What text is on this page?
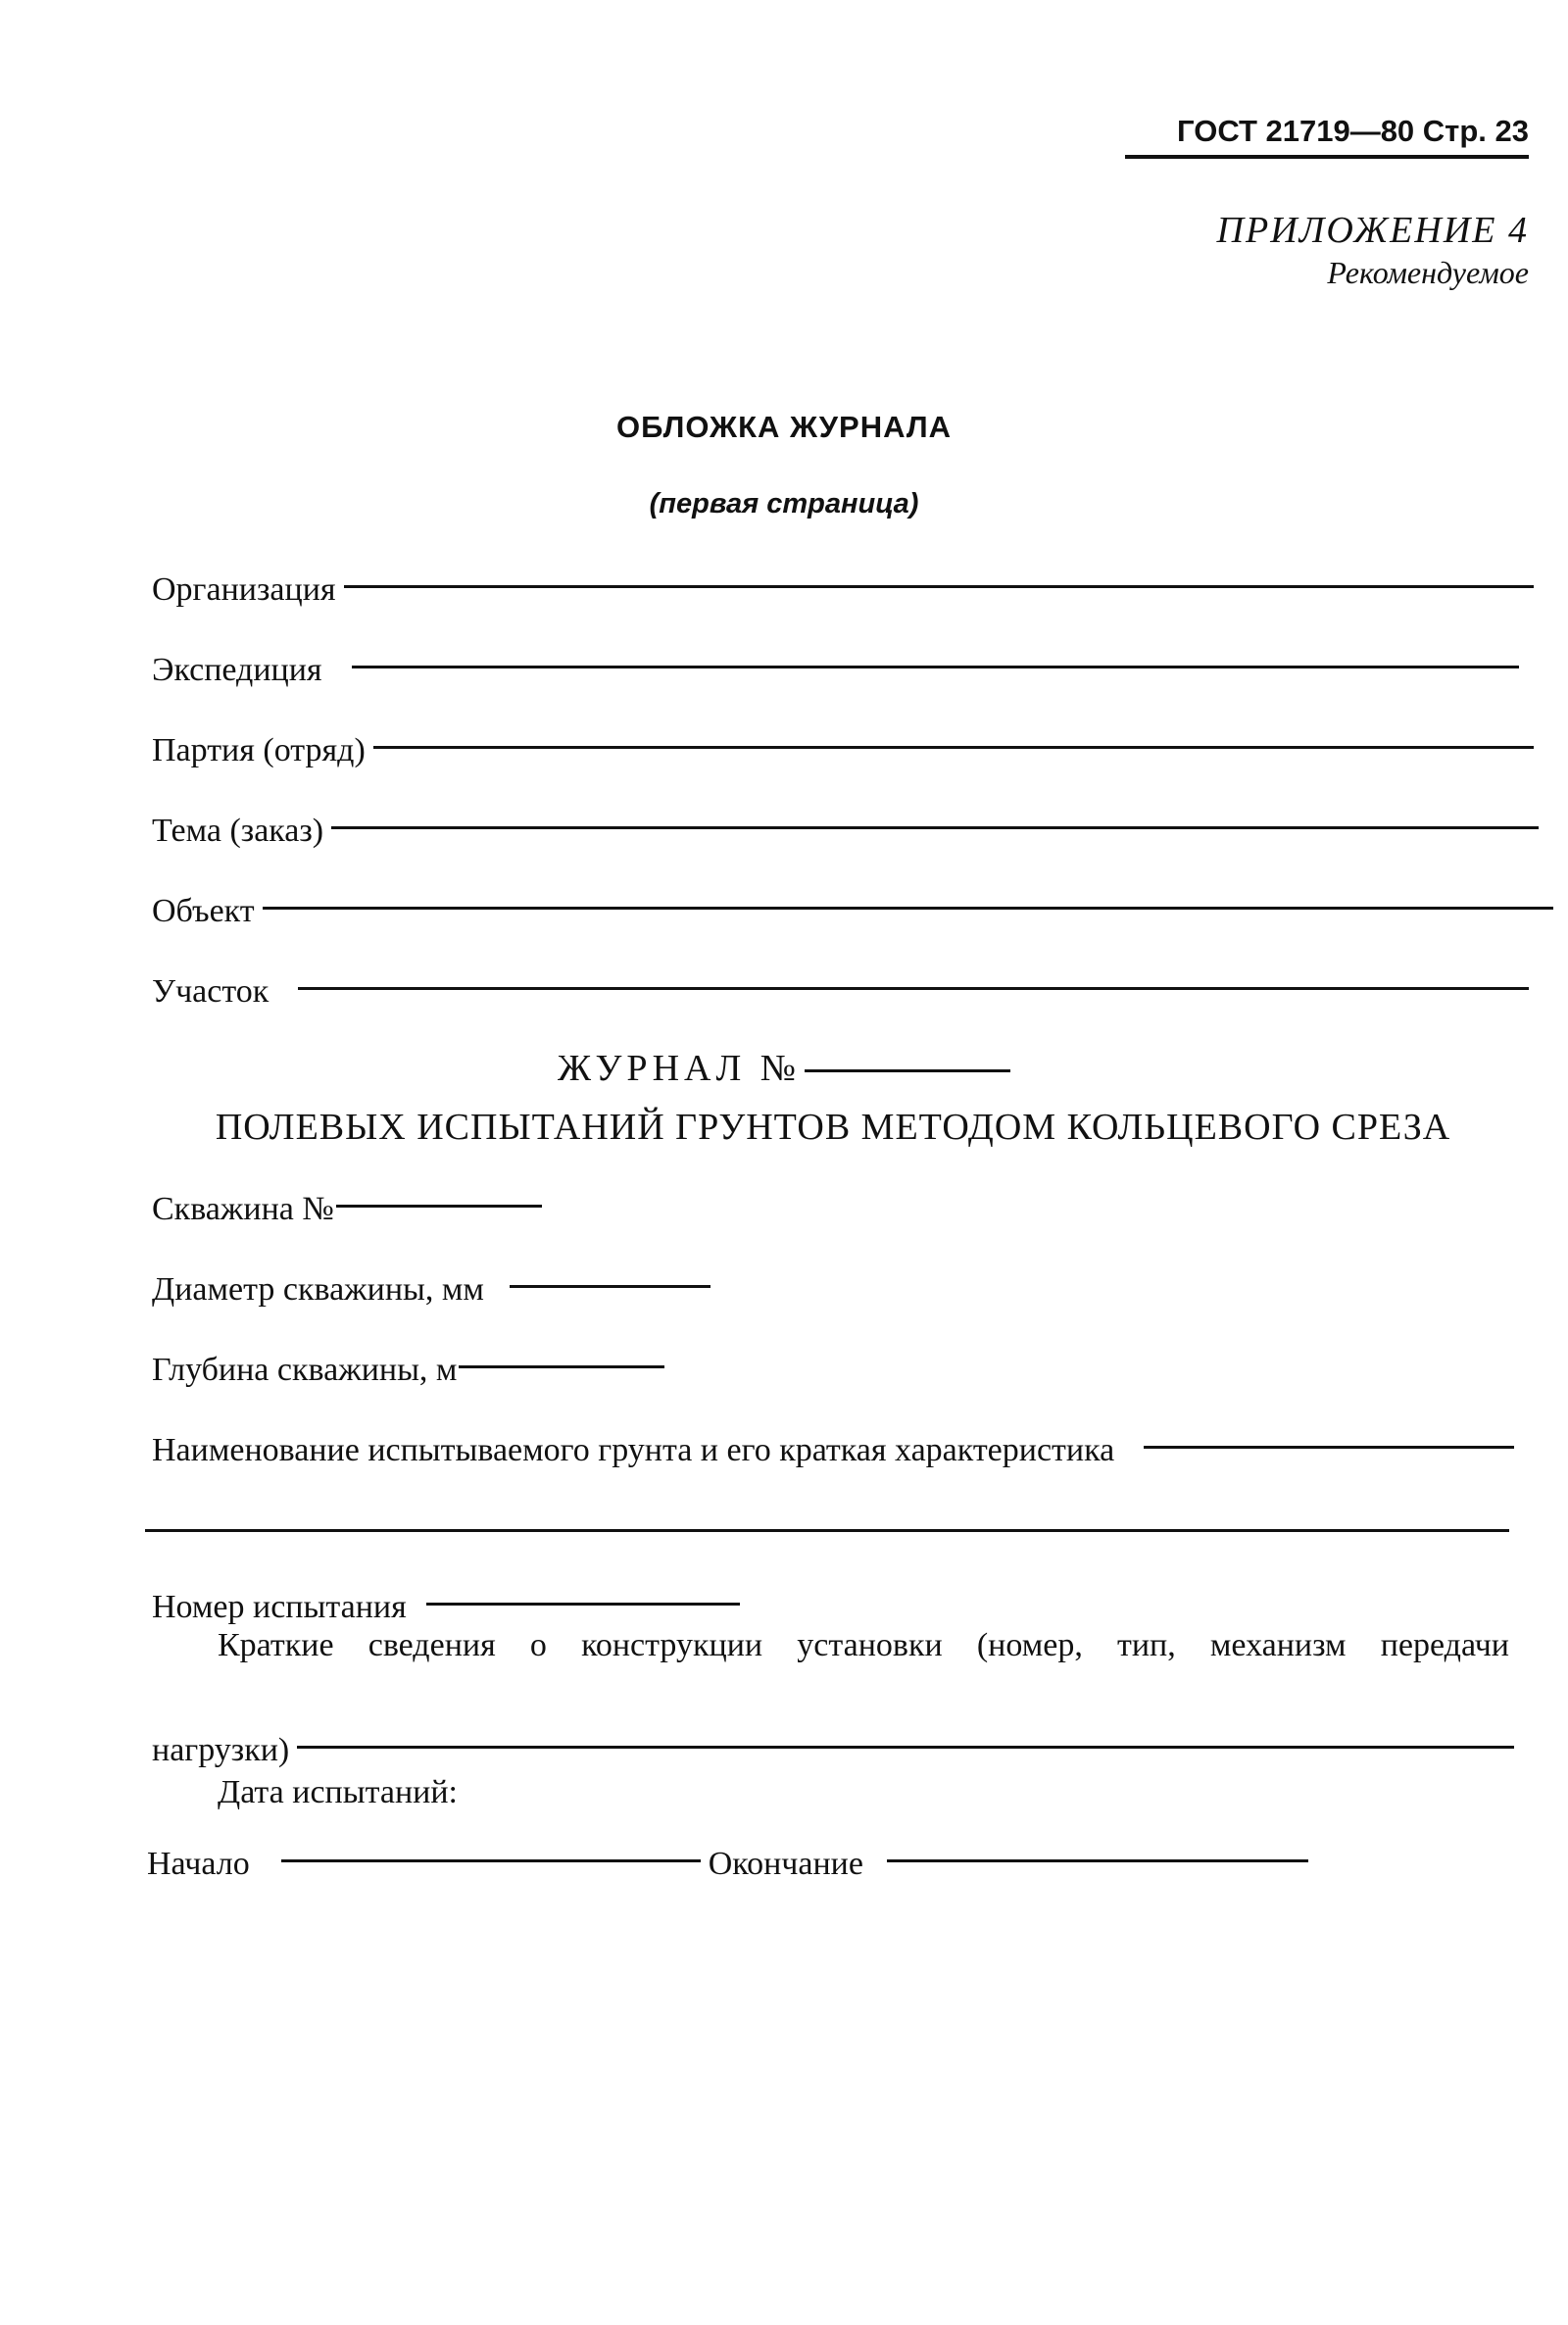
ГОСТ 21719—80 Стр. 23
ПРИЛОЖЕНИЕ 4
Рекомендуемое
ОБЛОЖКА ЖУРНАЛА
(первая страница)
Организация
Экспедиция
Партия (отряд)
Тема (заказ)
Объект
Участок
ЖУРНАЛ №
ПОЛЕВЫХ ИСПЫТАНИЙ ГРУНТОВ МЕТОДОМ КОЛЬЦЕВОГО СРЕЗА
Скважина №
Диаметр скважины, мм
Глубина скважины, м
Наименование испытываемого грунта и его краткая характеристика
Номер испытания
Краткие сведения о конструкции установки (номер, тип, механизм передачи
нагрузки)
Дата испытаний:
Начало	Окончание
